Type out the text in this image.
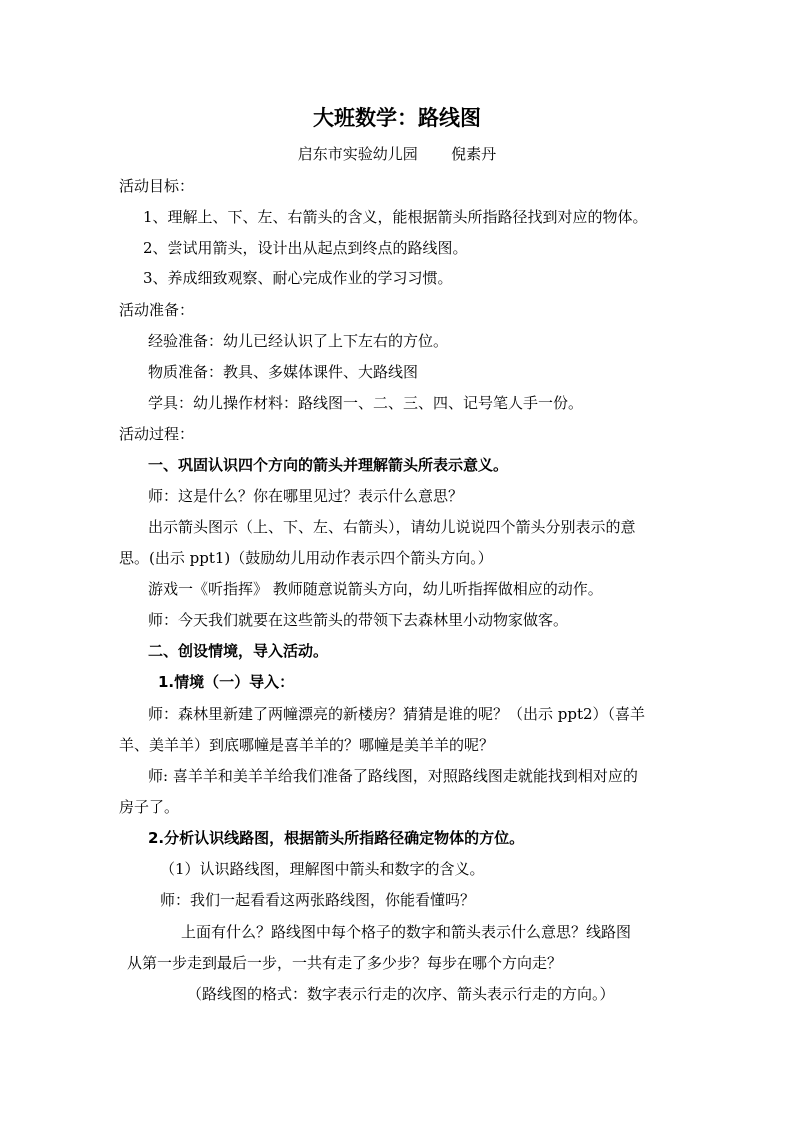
大班数学：路线图
启东市实验幼儿园       倪素丹
活动目标：
1、理解上、下、左、右箭头的含义，能根据箭头所指路径找到对应的物体。
2、尝试用箭头，设计出从起点到终点的路线图。
3、养成细致观察、耐心完成作业的学习习惯。
活动准备：
经验准备：幼儿已经认识了上下左右的方位。
物质准备：教具、多媒体课件、大路线图
学具：幼儿操作材料：路线图一、二、三、四、记号笔人手一份。
活动过程：
一、巩固认识四个方向的箭头并理解箭头所表示意义。
师：这是什么？你在哪里见过？表示什么意思？
出示箭头图示（上、下、左、右箭头），请幼儿说说四个箭头分别表示的意
思。(出示 ppt1)（鼓励幼儿用动作表示四个箭头方向。）
游戏一《听指挥》 教师随意说箭头方向，幼儿听指挥做相应的动作。
师：今天我们就要在这些箭头的带领下去森林里小动物家做客。
二、创设情境，导入活动。
1.情境（一）导入：
师：森林里新建了两幢漂亮的新楼房？猜猜是谁的呢？（出示 ppt2）（喜羊
羊、美羊羊）到底哪幢是喜羊羊的？哪幢是美羊羊的呢？
师: 喜羊羊和美羊羊给我们准备了路线图，对照路线图走就能找到相对应的
房子了。
2.分析认识线路图，根据箭头所指路径确定物体的方位。
（1）认识路线图，理解图中箭头和数字的含义。
师：我们一起看看这两张路线图，你能看懂吗？
上面有什么？路线图中每个格子的数字和箭头表示什么意思？线路图
从第一步走到最后一步，一共有走了多少步？每步在哪个方向走？
（路线图的格式：数字表示行走的次序、箭头表示行走的方向。）
